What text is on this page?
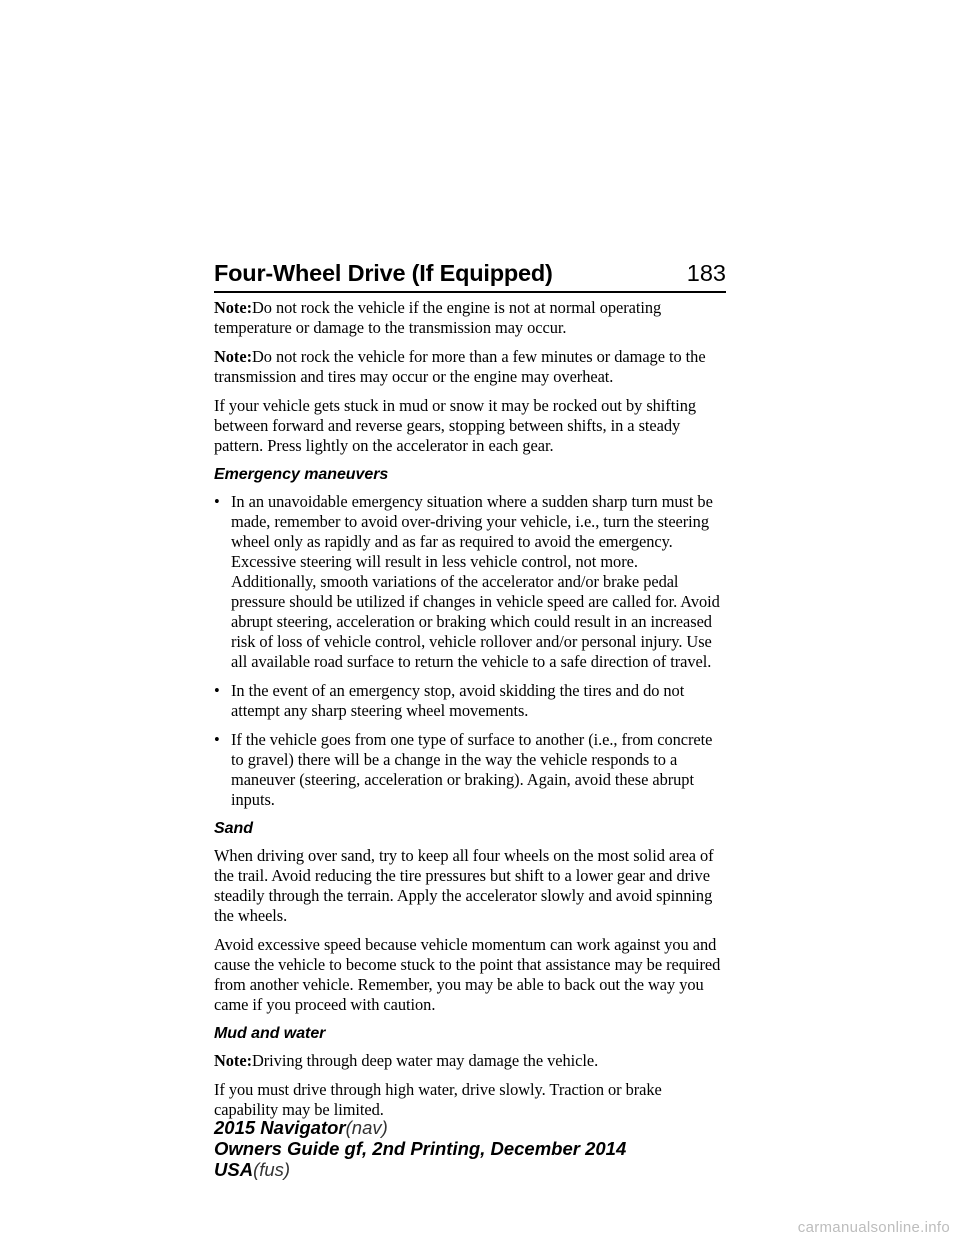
Four-Wheel Drive (If Equipped)	183

Note:Do not rock the vehicle if the engine is not at normal operating temperature or damage to the transmission may occur.

Note:Do not rock the vehicle for more than a few minutes or damage to the transmission and tires may occur or the engine may overheat.

If your vehicle gets stuck in mud or snow it may be rocked out by shifting between forward and reverse gears, stopping between shifts, in a steady pattern. Press lightly on the accelerator in each gear.

Emergency maneuvers
• In an unavoidable emergency situation where a sudden sharp turn must be made, remember to avoid over-driving your vehicle, i.e., turn the steering wheel only as rapidly and as far as required to avoid the emergency. Excessive steering will result in less vehicle control, not more. Additionally, smooth variations of the accelerator and/or brake pedal pressure should be utilized if changes in vehicle speed are called for. Avoid abrupt steering, acceleration or braking which could result in an increased risk of loss of vehicle control, vehicle rollover and/or personal injury. Use all available road surface to return the vehicle to a safe direction of travel.
• In the event of an emergency stop, avoid skidding the tires and do not attempt any sharp steering wheel movements.
• If the vehicle goes from one type of surface to another (i.e., from concrete to gravel) there will be a change in the way the vehicle responds to a maneuver (steering, acceleration or braking). Again, avoid these abrupt inputs.
Sand

When driving over sand, try to keep all four wheels on the most solid area of the trail. Avoid reducing the tire pressures but shift to a lower gear and drive steadily through the terrain. Apply the accelerator slowly and avoid spinning the wheels.

Avoid excessive speed because vehicle momentum can work against you and cause the vehicle to become stuck to the point that assistance may be required from another vehicle. Remember, you may be able to back out the way you came if you proceed with caution.

Mud and water

Note:Driving through deep water may damage the vehicle.

If you must drive through high water, drive slowly. Traction or brake capability may be limited.

2015 Navigator(nav)
Owners Guide gf, 2nd Printing, December 2014
USA(fus)
carmanualsonline.info
